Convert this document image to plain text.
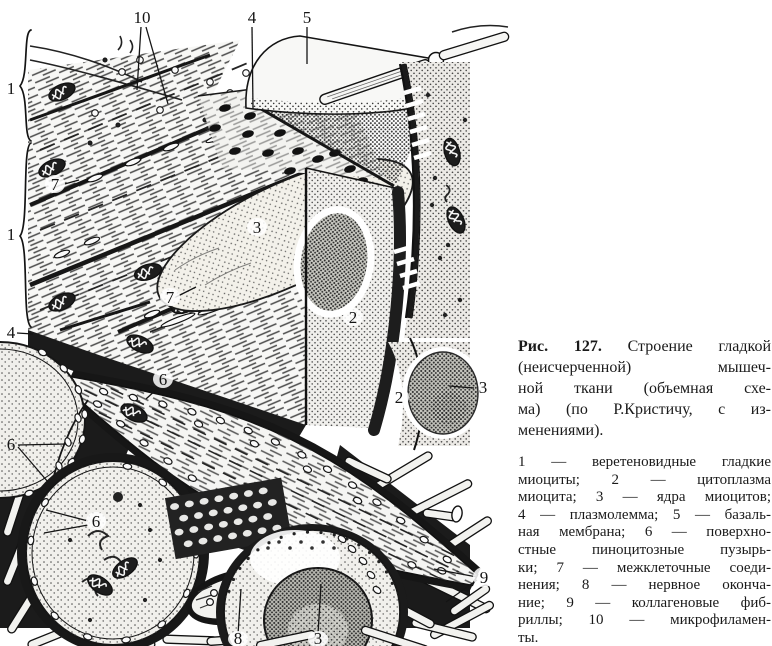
10	4	5
1
1
4
6
7
7
6
6
2
2
3
3
9
8	3

Рис. 127. Строение гладкой
(неисчерченной) мышеч-
ной ткани (объемная схе-
ма) (по Р.Кристичу, с из-
менениями).

1 — веретеновидные гладкие
миоциты; 2 — цитоплазма
миоцита; 3 — ядра миоцитов;
4 — плазмолемма; 5 — базаль-
ная мембрана; 6 — поверхно-
стные пиноцитозные пузырь-
ки; 7 — межклеточные соеди-
нения; 8 — нервное оконча-
ние; 9 — коллагеновые фиб-
риллы; 10 — микрофиламен-
ты.
